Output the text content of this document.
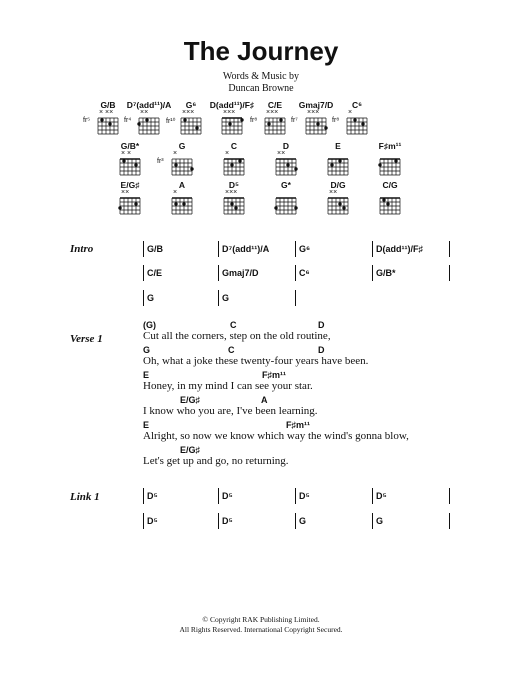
The Journey
Words & Music by
Duncan Browne
G/B
× ××
fr⁵
D⁷(add¹¹)/A
××
fr⁴
G⁶
×××
fr¹⁰
D(add¹¹)/F♯
×××
C/E
×××
fr⁸
Gmaj7/D
×××
fr⁷
C⁶
×
fr⁸
G/B*
× ×
G
×
fr³
C
×
D
××
E	F♯m¹¹
E/G♯
××
A
×
D⁵
×××
G*	D/G
××
C/G
Intro	G/B	D⁷(add¹¹)/A	G⁶	D(add¹¹)/F♯
C/E	Gmaj7/D	C⁶	G/B*
G	G
Verse 1
(G)	C	D
Cut all the corners, step on the old routine,
G	C	D
Oh, what a joke these twenty-four years have been.
E	F♯m¹¹
Honey, in my mind I can see your star.
E/G♯	A
I know who you are, I've been learning.
E	F♯m¹¹
Alright, so now we know which way the wind's gonna blow,
E/G♯
Let's get up and go, no returning.
Link 1	D⁵	D⁵	D⁵	D⁵
D⁵	D⁵	G	G
© Copyright RAK Publishing Limited.
All Rights Reserved. International Copyright Secured.
